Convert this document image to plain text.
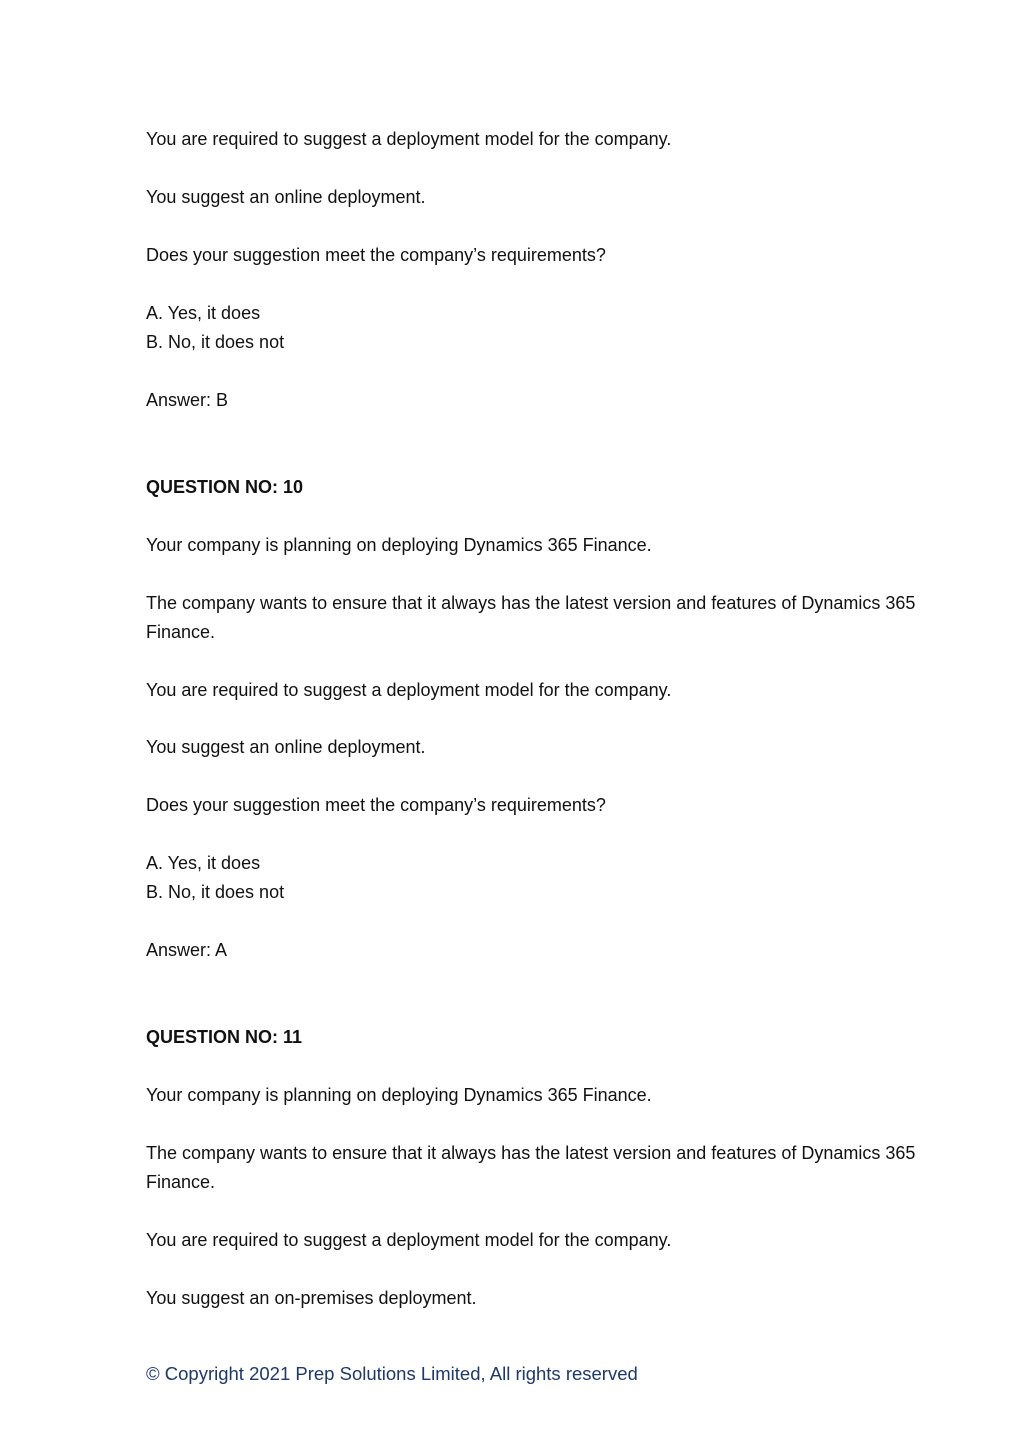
You are required to suggest a deployment model for the company.
You suggest an online deployment.
Does your suggestion meet the company’s requirements?
A. Yes, it does
B. No, it does not
Answer: B
QUESTION NO: 10
Your company is planning on deploying Dynamics 365 Finance.
The company wants to ensure that it always has the latest version and features of Dynamics 365
Finance.
You are required to suggest a deployment model for the company.
You suggest an online deployment.
Does your suggestion meet the company’s requirements?
A. Yes, it does
B. No, it does not
Answer: A
QUESTION NO: 11
Your company is planning on deploying Dynamics 365 Finance.
The company wants to ensure that it always has the latest version and features of Dynamics 365
Finance.
You are required to suggest a deployment model for the company.
You suggest an on-premises deployment.
© Copyright 2021 Prep Solutions Limited, All rights reserved
